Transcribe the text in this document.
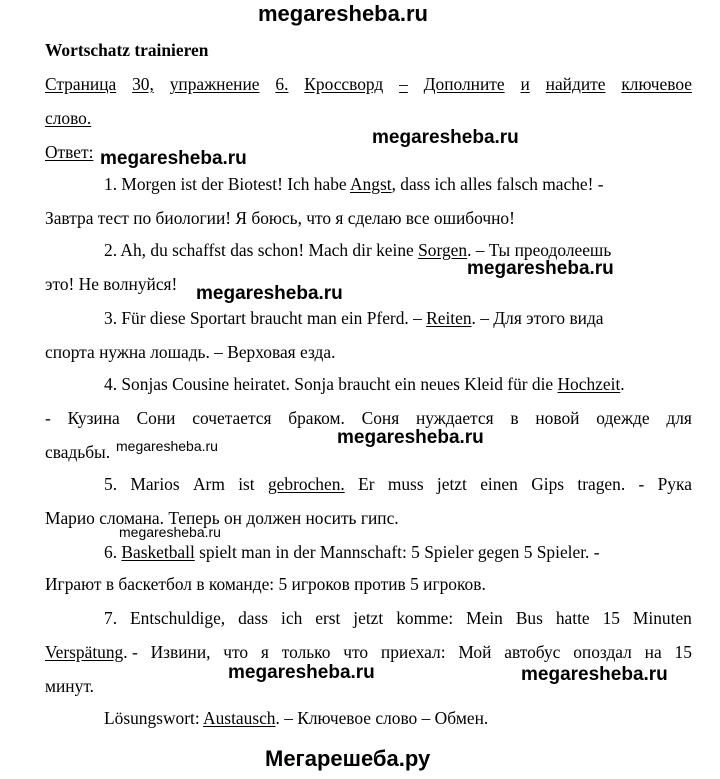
megaresheba.ru
Wortschatz trainieren
Страница 30, упражнение 6. Кроссворд – Дополните и найдите ключевое
слово.
Ответ:
1. Morgen ist der Biotest! Ich habe Angst, dass ich alles falsch mache! -
Завтра тест по биологии! Я боюсь, что я сделаю все ошибочно!
2. Ah, du schaffst das schon! Mach dir keine Sorgen. – Ты преодолеешь
это! Не волнуйся!
3. Für diese Sportart braucht man ein Pferd. – Reiten. – Для этого вида
спорта нужна лошадь. – Верховая езда.
4. Sonjas Cousine heiratet. Sonja braucht ein neues Kleid für die Hochzeit.
- Кузина Сони сочетается браком. Соня нуждается в новой одежде для
свадьбы.
5. Marios Arm ist gebrochen. Er muss jetzt einen Gips tragen. - Рука
Марио сломана. Теперь он должен носить гипс.
6. Basketball spielt man in der Mannschaft: 5 Spieler gegen 5 Spieler. -
Играют в баскетбол в команде: 5 игроков против 5 игроков.
7. Entschuldige, dass ich erst jetzt komme: Mein Bus hatte 15 Minuten
Verspätung. - Извини, что я только что приехал: Мой автобус опоздал на 15
минут.
Lösungswort: Austausch. – Ключевое слово – Обмен.
megaresheba.ru
megaresheba.ru
megaresheba.ru
megaresheba.ru
megaresheba.ru	megaresheba.ru
megaresheba.ru
megaresheba.ru	megaresheba.ru
Мегарешеба.ру
